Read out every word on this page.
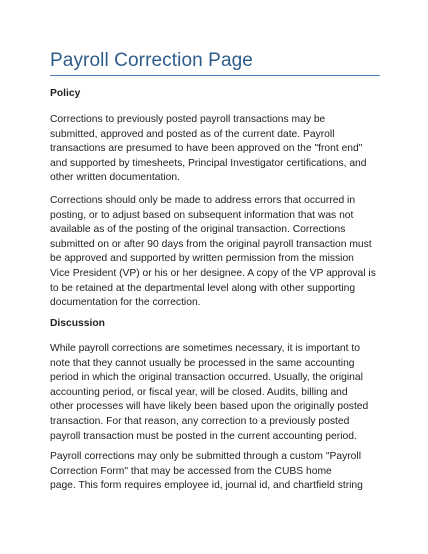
Payroll Correction Page
Policy
Corrections to previously posted payroll transactions may be
submitted, approved and posted as of the current date. Payroll
transactions are presumed to have been approved on the "front end"
and supported by timesheets, Principal Investigator certifications, and
other written documentation.
Corrections should only be made to address errors that occurred in
posting, or to adjust based on subsequent information that was not
available as of the posting of the original transaction. Corrections
submitted on or after 90 days from the original payroll transaction must
be approved and supported by written permission from the mission
Vice President (VP) or his or her designee. A copy of the VP approval is
to be retained at the departmental level along with other supporting
documentation for the correction.
Discussion
While payroll corrections are sometimes necessary, it is important to
note that they cannot usually be processed in the same accounting
period in which the original transaction occurred. Usually, the original
accounting period, or fiscal year, will be closed. Audits, billing and
other processes will have likely been based upon the originally posted
transaction. For that reason, any correction to a previously posted
payroll transaction must be posted in the current accounting period.
Payroll corrections may only be submitted through a custom "Payroll
Correction Form" that may be accessed from the CUBS home
page. This form requires employee id, journal id, and chartfield string
